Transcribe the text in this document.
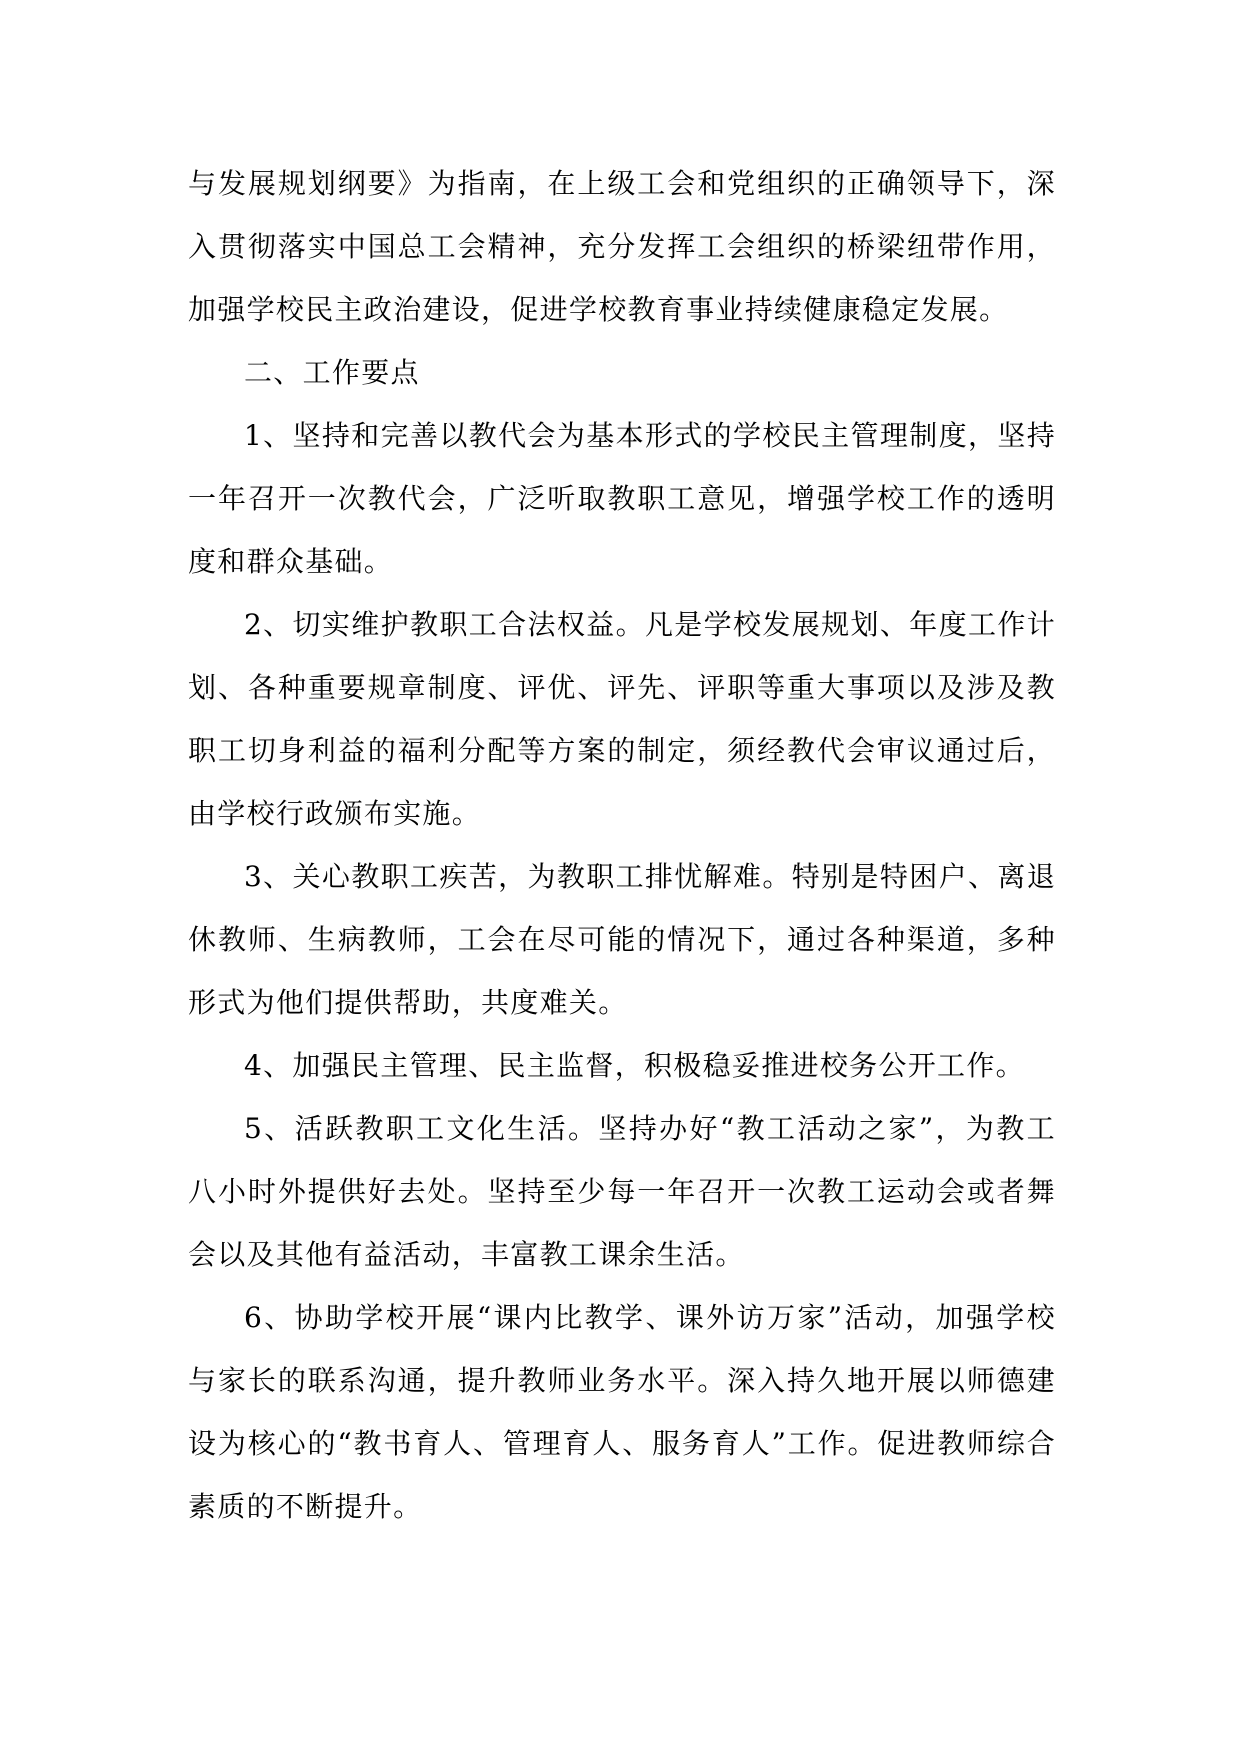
与发展规划纲要》为指南，在上级工会和党组织的正确领导下，深入贯彻落实中国总工会精神，充分发挥工会组织的桥梁纽带作用，加强学校民主政治建设，促进学校教育事业持续健康稳定发展。

二、工作要点

1、坚持和完善以教代会为基本形式的学校民主管理制度，坚持一年召开一次教代会，广泛听取教职工意见，增强学校工作的透明度和群众基础。

2、切实维护教职工合法权益。凡是学校发展规划、年度工作计划、各种重要规章制度、评优、评先、评职等重大事项以及涉及教职工切身利益的福利分配等方案的制定，须经教代会审议通过后，由学校行政颁布实施。

3、关心教职工疾苦，为教职工排忧解难。特别是特困户、离退休教师、生病教师，工会在尽可能的情况下，通过各种渠道，多种形式为他们提供帮助，共度难关。

4、加强民主管理、民主监督，积极稳妥推进校务公开工作。

5、活跃教职工文化生活。坚持办好“教工活动之家”，为教工八小时外提供好去处。坚持至少每一年召开一次教工运动会或者舞会以及其他有益活动，丰富教工课余生活。

6、协助学校开展“课内比教学、课外访万家”活动，加强学校与家长的联系沟通，提升教师业务水平。深入持久地开展以师德建设为核心的“教书育人、管理育人、服务育人”工作。促进教师综合素质的不断提升。
